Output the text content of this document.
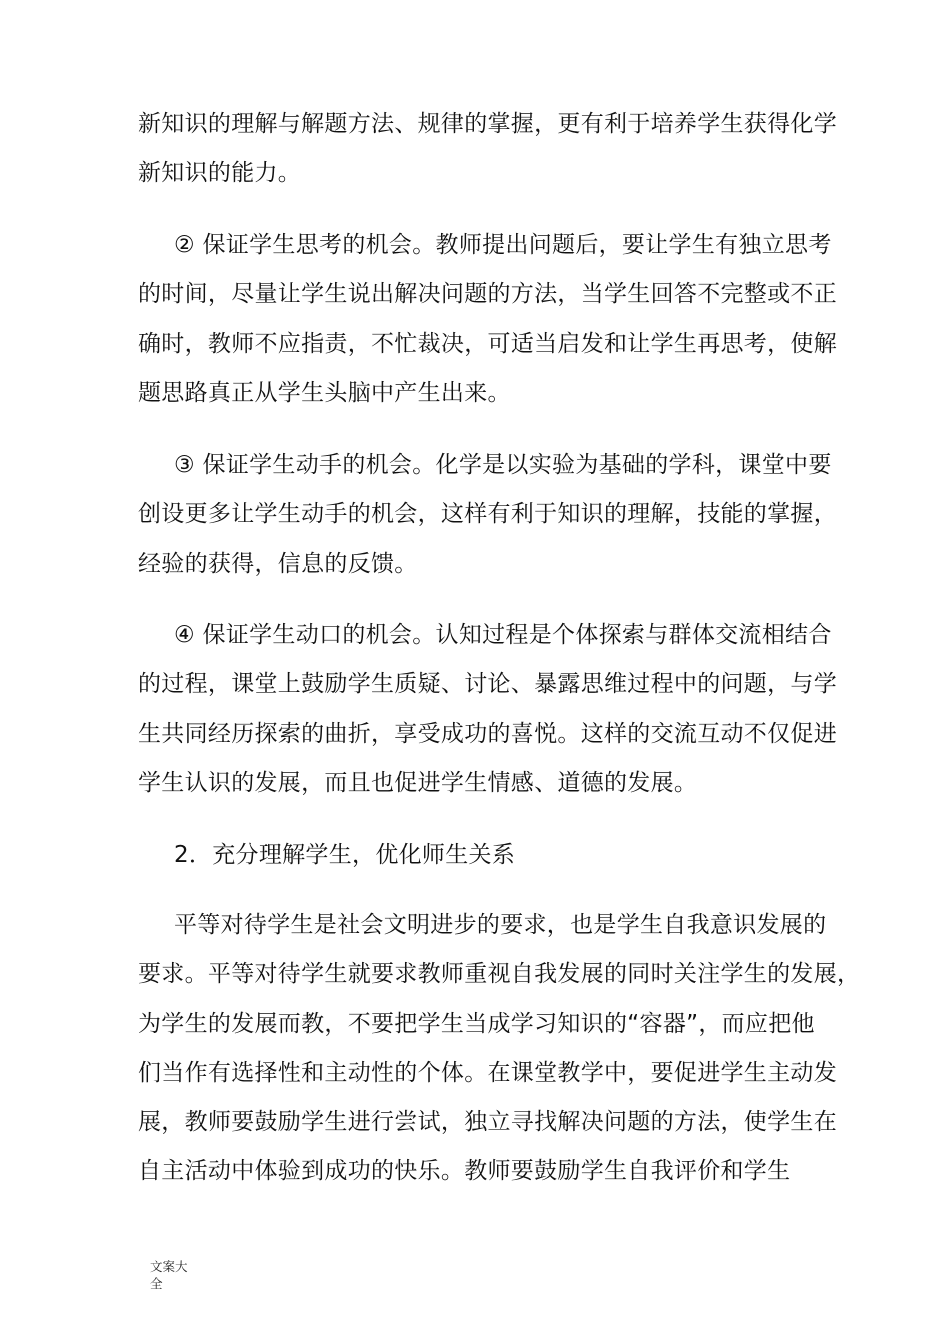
新知识的理解与解题方法、规律的掌握，更有利于培养学生获得化学
新知识的能力。
② 保证学生思考的机会。教师提出问题后，要让学生有独立思考
的时间，尽量让学生说出解决问题的方法，当学生回答不完整或不正
确时，教师不应指责，不忙裁决，可适当启发和让学生再思考，使解
题思路真正从学生头脑中产生出来。
③ 保证学生动手的机会。化学是以实验为基础的学科，课堂中要
创设更多让学生动手的机会，这样有利于知识的理解，技能的掌握，
经验的获得，信息的反馈。
④ 保证学生动口的机会。认知过程是个体探索与群体交流相结合
的过程，课堂上鼓励学生质疑、讨论、暴露思维过程中的问题，与学
生共同经历探索的曲折，享受成功的喜悦。这样的交流互动不仅促进
学生认识的发展，而且也促进学生情感、道德的发展。
2．充分理解学生，优化师生关系
平等对待学生是社会文明进步的要求，也是学生自我意识发展的
要求。平等对待学生就要求教师重视自我发展的同时关注学生的发展，
为学生的发展而教，不要把学生当成学习知识的“容器”，而应把他
们当作有选择性和主动性的个体。在课堂教学中，要促进学生主动发
展，教师要鼓励学生进行尝试，独立寻找解决问题的方法，使学生在
自主活动中体验到成功的快乐。教师要鼓励学生自我评价和学生
文案大
全
